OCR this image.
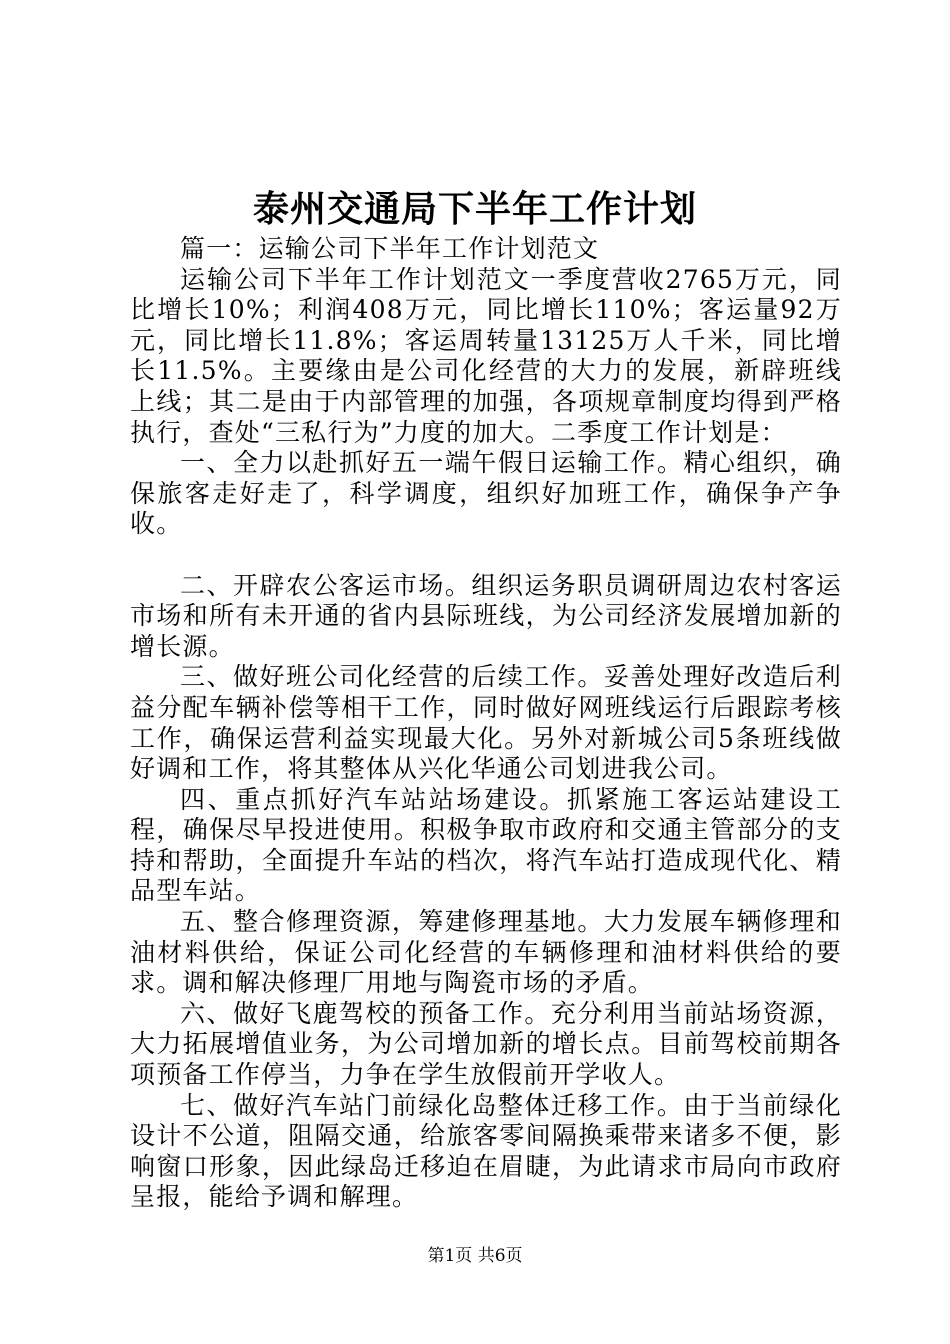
泰州交通局下半年工作计划

篇一：运输公司下半年工作计划范文

运输公司下半年工作计划范文一季度营收2765万元，同比增长10%；利润408万元，同比增长110%；客运量92万元，同比增长11.8%；客运周转量13125万人千米，同比增长11.5%。主要缘由是公司化经营的大力的发展，新辟班线上线；其二是由于内部管理的加强，各项规章制度均得到严格执行，查处“三私行为”力度的加大。二季度工作计划是：

一、全力以赴抓好五一端午假日运输工作。精心组织，确保旅客走好走了，科学调度，组织好加班工作，确保争产争收。

二、开辟农公客运市场。组织运务职员调研周边农村客运市场和所有未开通的省内县际班线，为公司经济发展增加新的增长源。

三、做好班公司化经营的后续工作。妥善处理好改造后利益分配车辆补偿等相干工作，同时做好网班线运行后跟踪考核工作，确保运营利益实现最大化。另外对新城公司5条班线做好调和工作，将其整体从兴化华通公司划进我公司。

四、重点抓好汽车站站场建设。抓紧施工客运站建设工程，确保尽早投进使用。积极争取市政府和交通主管部分的支持和帮助，全面提升车站的档次，将汽车站打造成现代化、精品型车站。

五、整合修理资源，筹建修理基地。大力发展车辆修理和油材料供给，保证公司化经营的车辆修理和油材料供给的要求。调和解决修理厂用地与陶瓷市场的矛盾。

六、做好飞鹿驾校的预备工作。充分利用当前站场资源，大力拓展增值业务，为公司增加新的增长点。目前驾校前期各项预备工作停当，力争在学生放假前开学收人。

七、做好汽车站门前绿化岛整体迁移工作。由于当前绿化设计不公道，阻隔交通，给旅客零间隔换乘带来诸多不便，影响窗口形象，因此绿岛迁移迫在眉睫，为此请求市局向市政府呈报，能给予调和解理。

第1页 共6页
